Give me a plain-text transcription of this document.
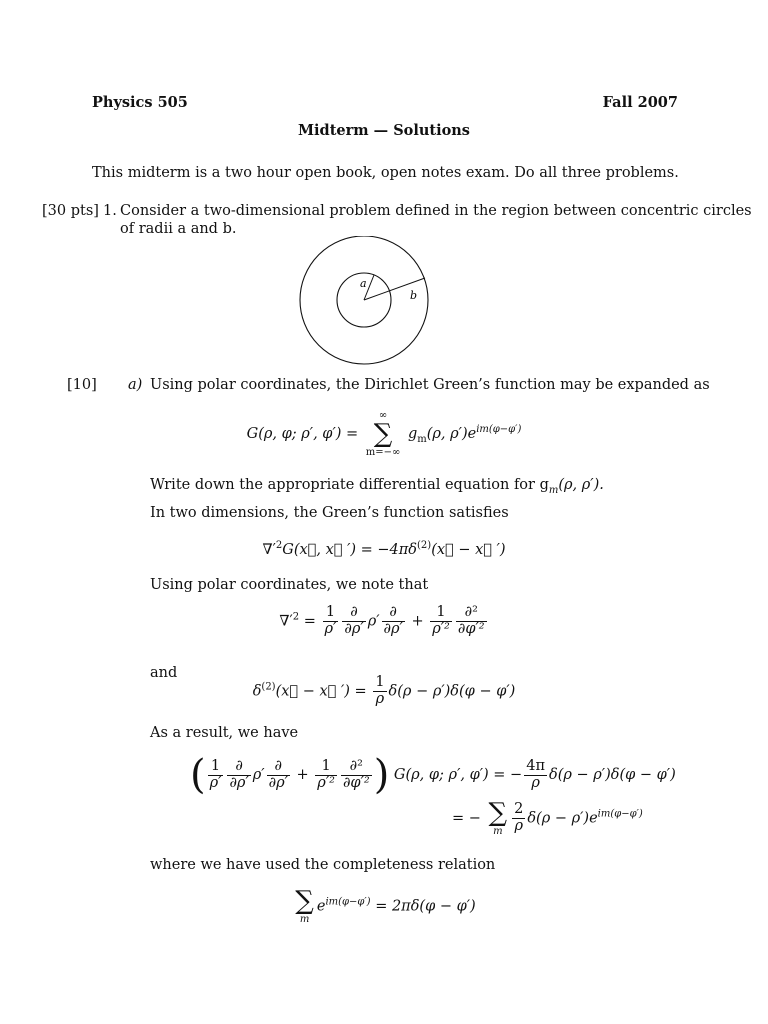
Physics 505	Fall 2007
Midterm — Solutions
This midterm is a two hour open book, open notes exam. Do all three problems.
[30 pts] 1. Consider a two-dimensional problem defined in the region between concentric circles
of radii a and b.
a
b
[10] a) Using polar coordinates, the Dirichlet Green’s function may be expanded as
G(ρ, φ; ρ′, φ′) =
∞
∑
m=−∞
$g_m(\rho$, $\rho')e^{im(\varphi-\varphi')}$
Write down the appropriate differential equation for $g_m(\rho$, ρ′).
In two dimensions, the Green’s function satisfies
$\nabla'^2G(x⃗$, x⃗ ′) = $-4\pi\delta^{(2)}(x⃗$ − x⃗ ′)
Using polar coordinates, we note that
$\nabla'^2 = \frac{1}{\rho'} \frac{\partial}{\partial\rho'} \rho' \frac{\partial}{\partial\rho'} + \frac{1}{\text{ρ′²}} \frac{\text{∂²}}{\text{∂φ′²}}$
and
$\delta^{(2)}(x⃗$ − x⃗ ′) = $\frac{1}{\rho} \delta(\rho - \rho')\delta(\varphi - \varphi')$
As a result, we have
( $\frac{1}{\rho'} \frac{\partial}{\partial\rho'} \rho' \frac{\partial}{\partial\rho'} + \frac{1}{\text{ρ′²}} \frac{\text{∂²}}{\text{∂φ′²}}$ ) G(ρ, φ; ρ′, φ′) = − $\frac{4\pi}{\rho} \delta(\rho - \rho')\delta(\varphi - \varphi')$
= − ∑
m $\frac{2}{\rho} \delta(\rho - \rho')e^{im(\varphi-\varphi')}$
where we have used the completeness relation
∑
m
$e^{im(\varphi-\varphi')} = 2\pi\delta(\varphi - \varphi')$
